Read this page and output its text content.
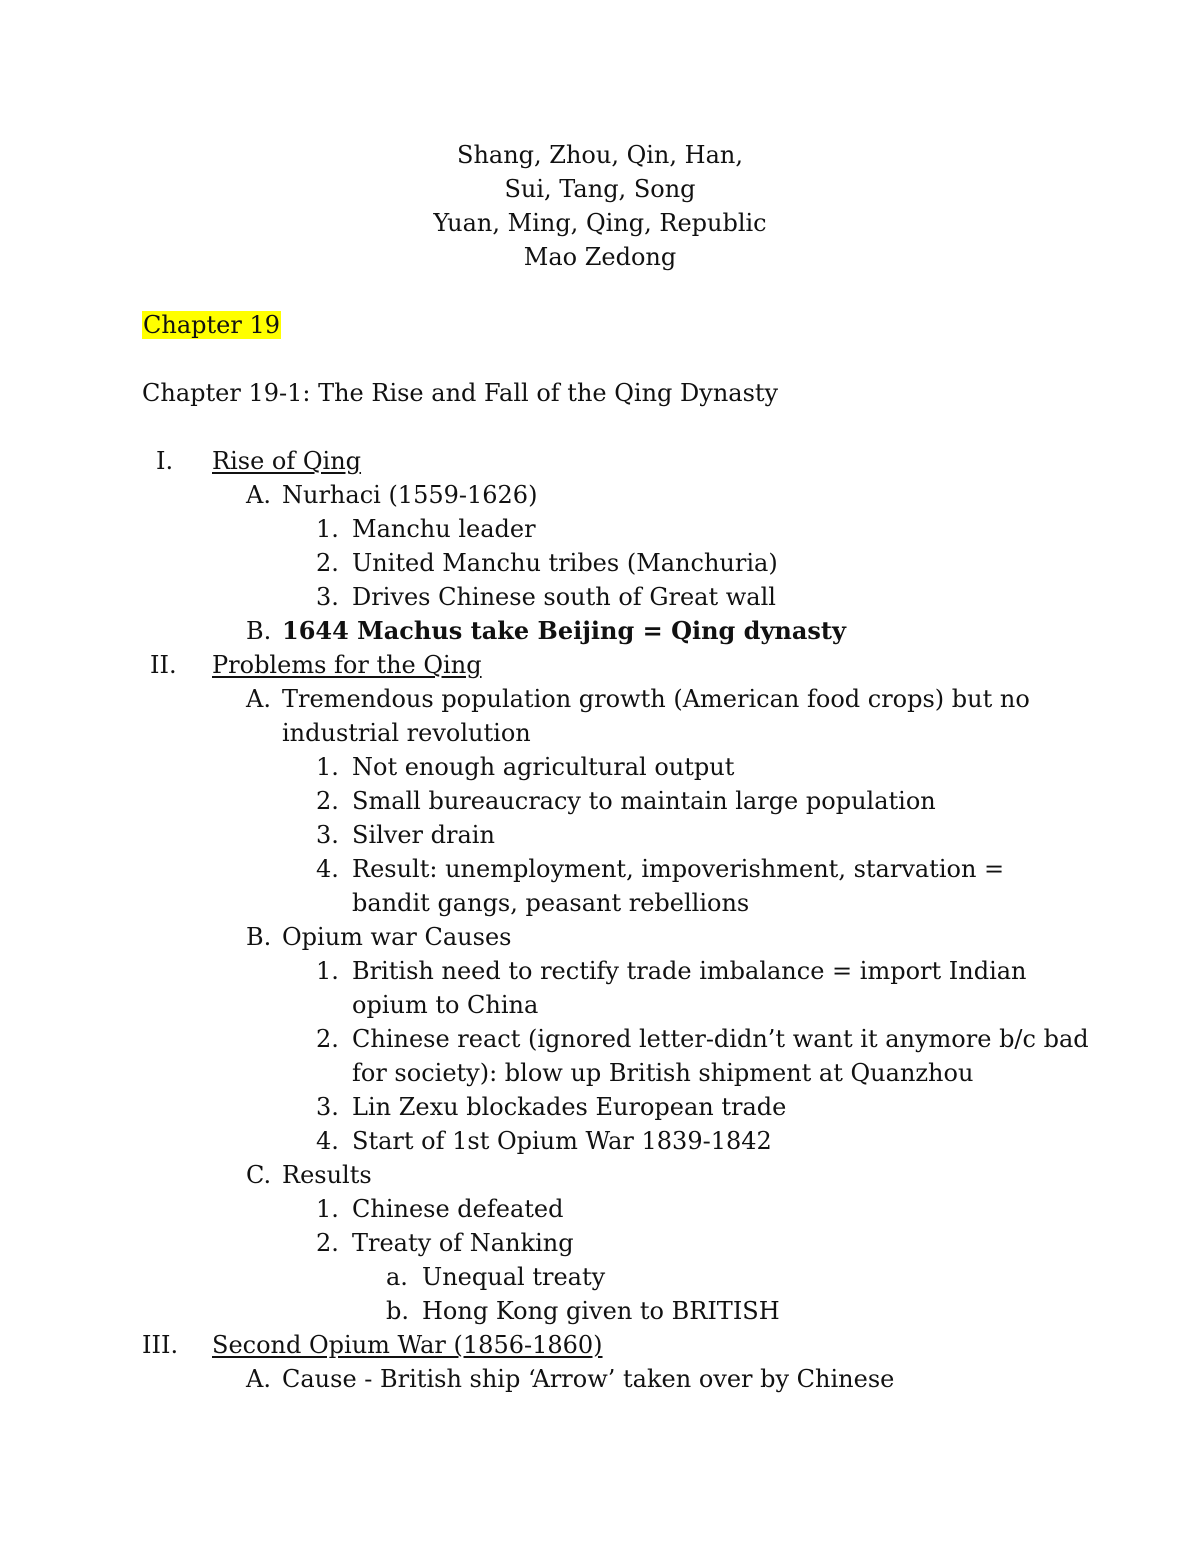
Shang, Zhou, Qin, Han,
Sui, Tang, Song
Yuan, Ming, Qing, Republic
Mao Zedong
Chapter 19
Chapter 19-1: The Rise and Fall of the Qing Dynasty
I. Rise of Qing
A. Nurhaci (1559-1626)
1. Manchu leader
2. United Manchu tribes (Manchuria)
3. Drives Chinese south of Great wall
B. 1644 Machus take Beijing = Qing dynasty
II. Problems for the Qing
A. Tremendous population growth (American food crops) but no
industrial revolution
1. Not enough agricultural output
2. Small bureaucracy to maintain large population
3. Silver drain
4. Result: unemployment, impoverishment, starvation =
bandit gangs, peasant rebellions
B. Opium war Causes
1. British need to rectify trade imbalance = import Indian
opium to China
2. Chinese react (ignored letter-didn’t want it anymore b/c bad
for society): blow up British shipment at Quanzhou
3. Lin Zexu blockades European trade
4. Start of 1st Opium War 1839-1842
C. Results
1. Chinese defeated
2. Treaty of Nanking
a. Unequal treaty
b. Hong Kong given to BRITISH
III. Second Opium War (1856-1860)
A. Cause - British ship ‘Arrow’ taken over by Chinese
